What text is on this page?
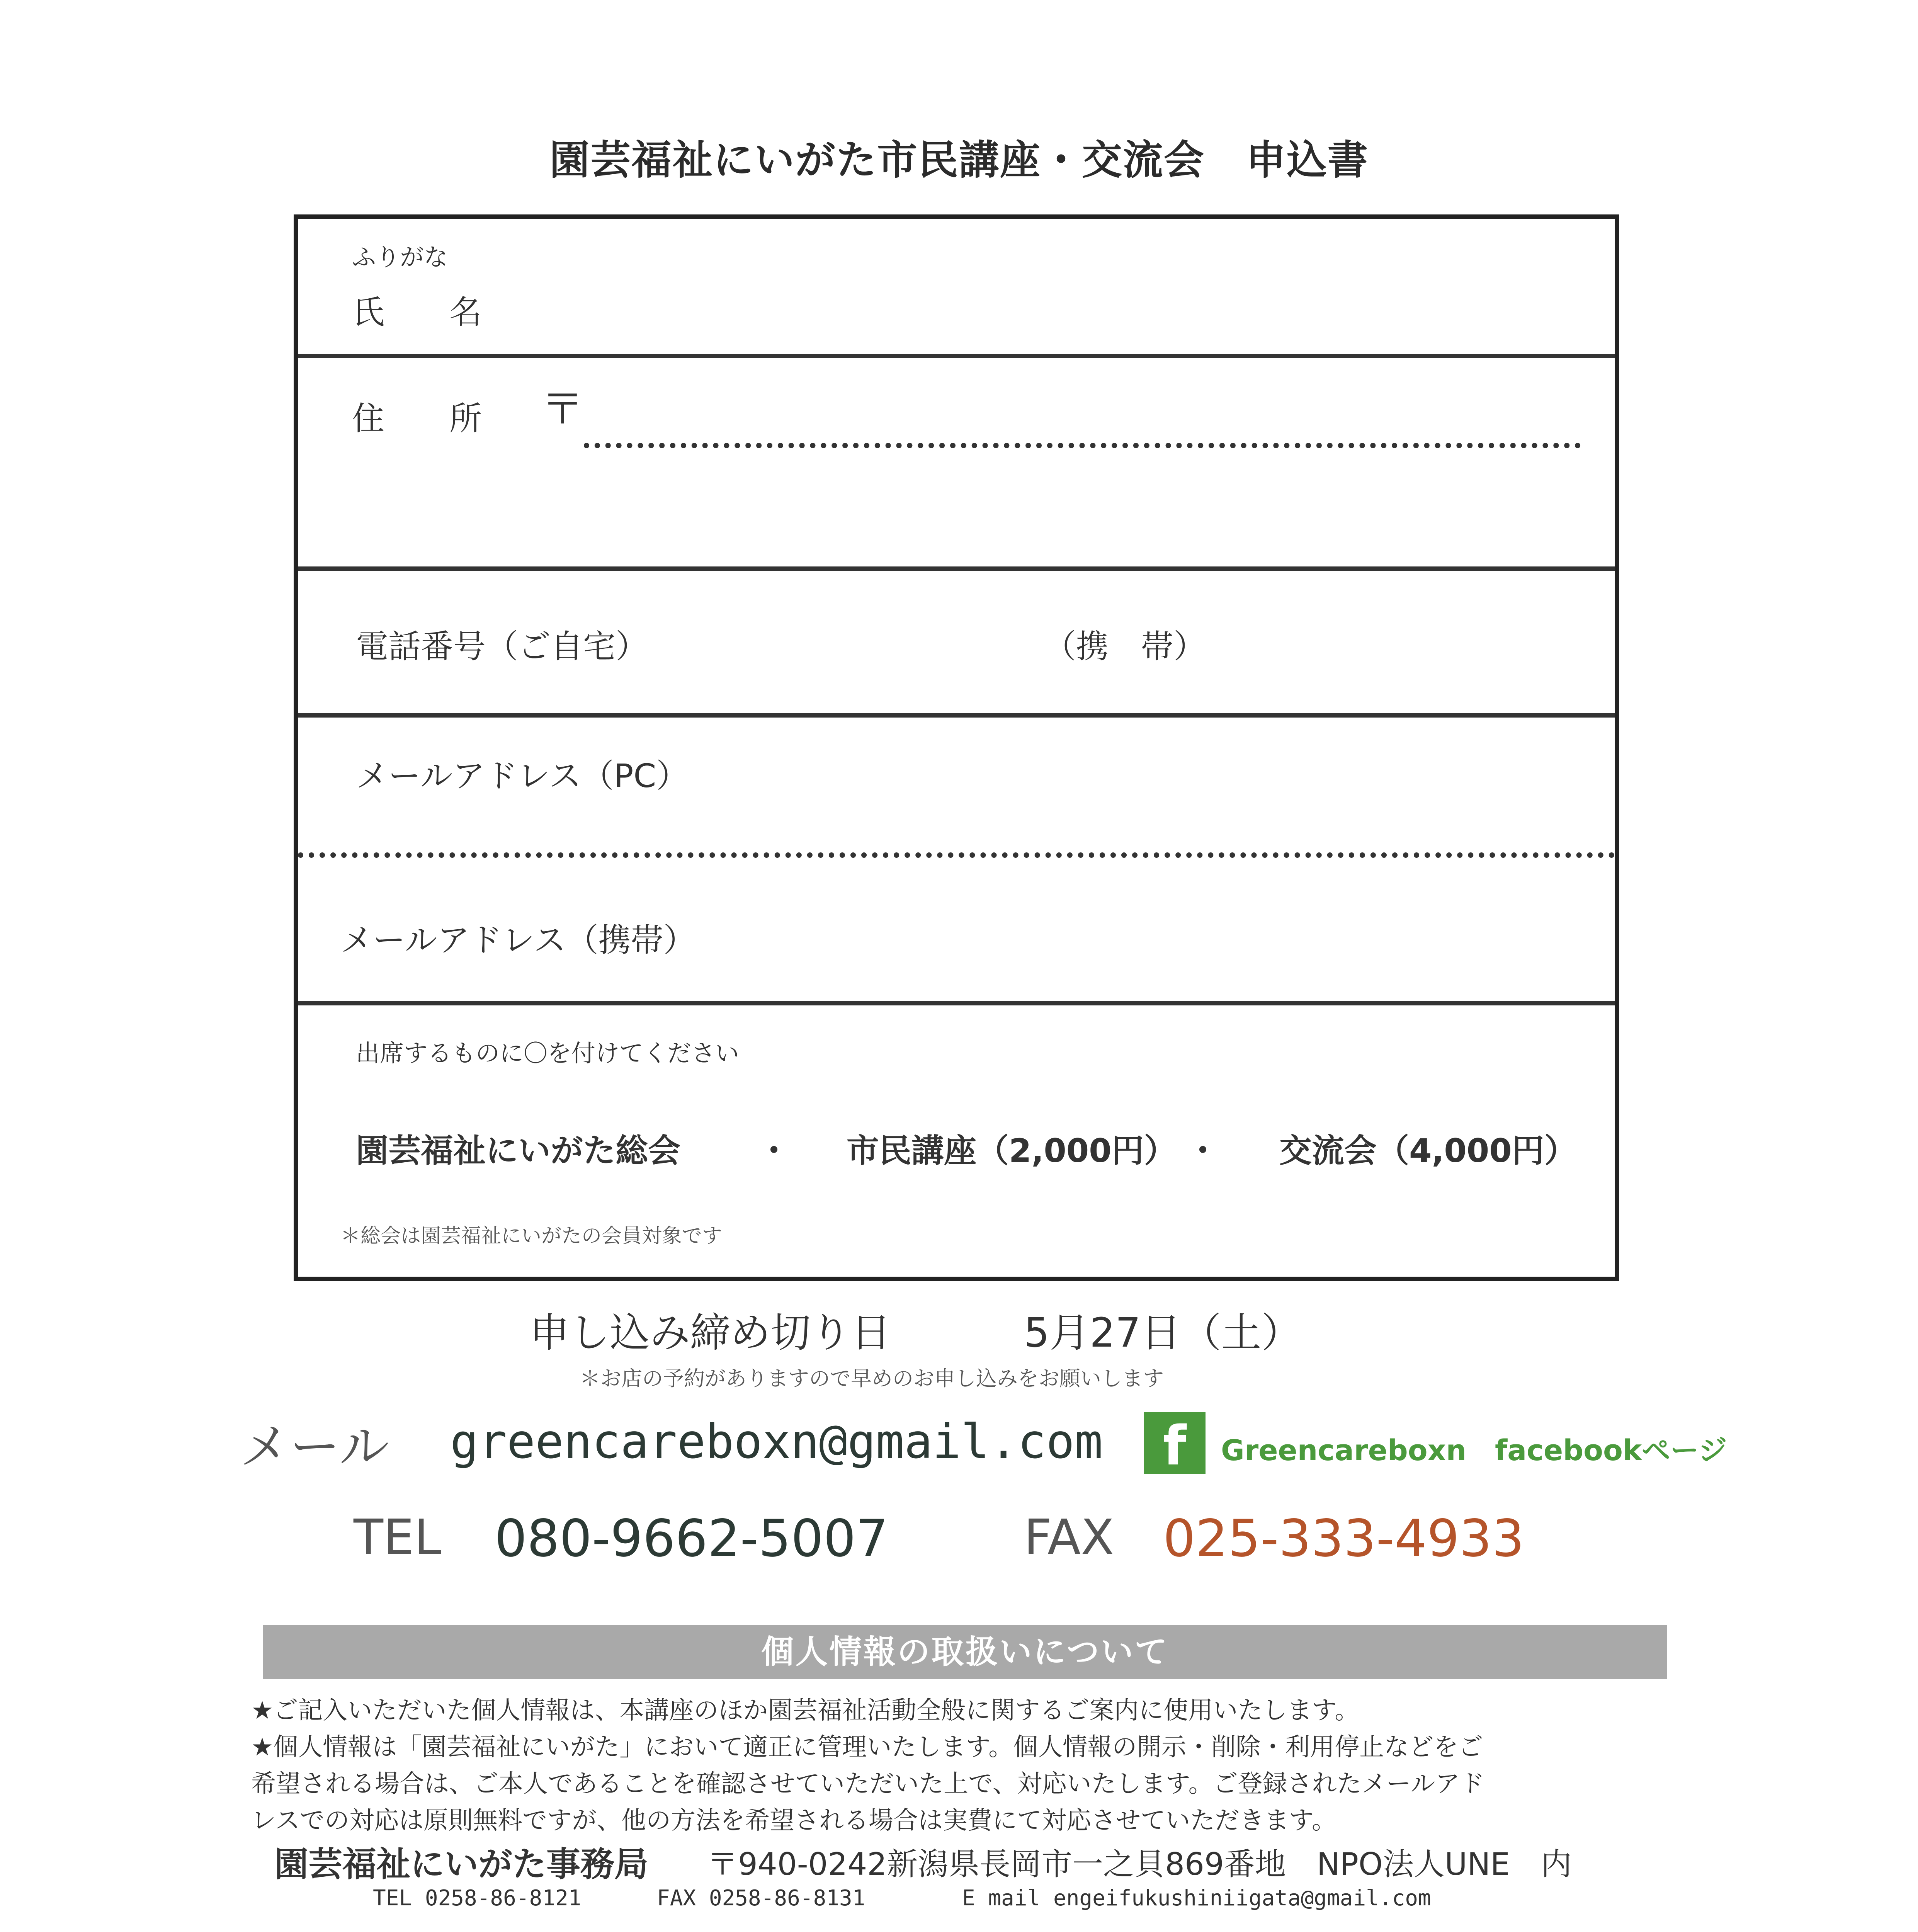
園芸福祉にいがた市民講座・交流会　申込書
ふりがな
氏　　名
住　　所 〒
電話番号（ご自宅）	（携　帯）
メールアドレス（PC）
メールアドレス（携帯）
出席するものに〇を付けてください
園芸福祉にいがた総会 ・ 市民講座（2,000円） ・ 交流会（4,000円）
＊総会は園芸福祉にいがたの会員対象です
申し込み締め切り日	5月27日（土）
＊お店の予約がありますので早めのお申し込みをお願いします
メール greencareboxn@gmail.com	f	Greencareboxn　facebookページ
TEL 080-9662-5007	FAX 025-333-4933
個人情報の取扱いについて
★ご記入いただいた個人情報は、本講座のほか園芸福祉活動全般に関するご案内に使用いたします。
★個人情報は「園芸福祉にいがた」において適正に管理いたします。個人情報の開示・削除・利用停止などをご
希望される場合は、ご本人であることを確認させていただいた上で、対応いたします。ご登録されたメールアド
レスでの対応は原則無料ですが、他の方法を希望される場合は実費にて対応させていただきます。
園芸福祉にいがた事務局 〒940-0242新潟県長岡市一之貝869番地　NPO法人UNE　内
TEL 0258-86-8121	FAX 0258-86-8131	E mail engeifukushiniigata@gmail.com
